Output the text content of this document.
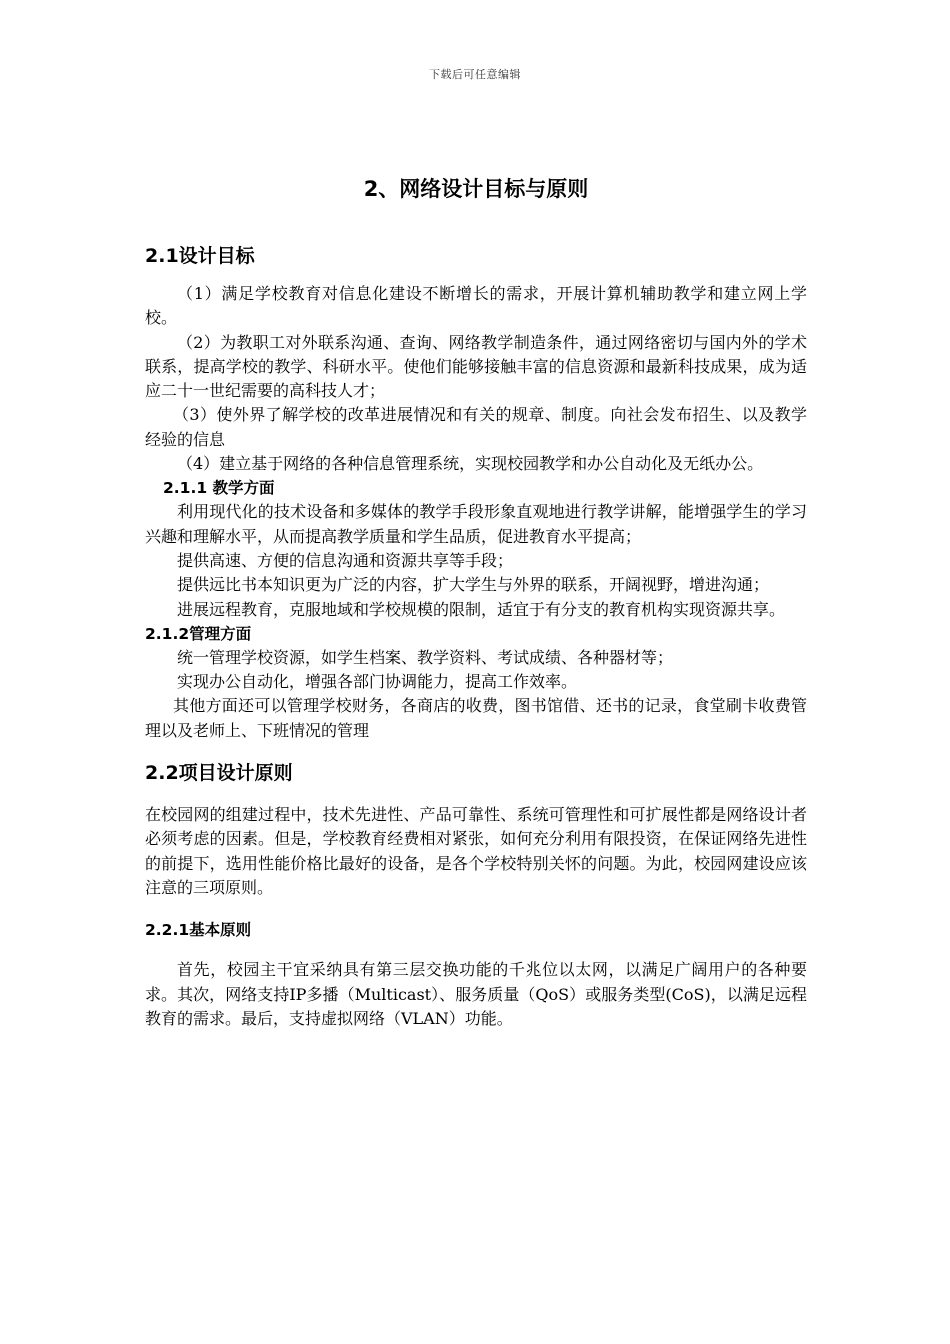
下载后可任意编辑
2、网络设计目标与原则
2.1设计目标

（1）满足学校教育对信息化建设不断增长的需求，开展计算机辅助教学和建立网上学校。

（2）为教职工对外联系沟通、查询、网络教学制造条件，通过网络密切与国内外的学术联系，提高学校的教学、科研水平。使他们能够接触丰富的信息资源和最新科技成果，成为适应二十一世纪需要的高科技人才；

（3）使外界了解学校的改革进展情况和有关的规章、制度。向社会发布招生、以及教学经验的信息

（4）建立基于网络的各种信息管理系统，实现校园教学和办公自动化及无纸办公。

2.1.1 教学方面

利用现代化的技术设备和多媒体的教学手段形象直观地进行教学讲解，能增强学生的学习兴趣和理解水平，从而提高教学质量和学生品质，促进教育水平提高；

提供高速、方便的信息沟通和资源共享等手段；

提供远比书本知识更为广泛的内容，扩大学生与外界的联系，开阔视野，增进沟通；

进展远程教育，克服地域和学校规模的限制，适宜于有分支的教育机构实现资源共享。

2.1.2管理方面

统一管理学校资源，如学生档案、教学资料、考试成绩、各种器材等；

实现办公自动化，增强各部门协调能力，提高工作效率。

其他方面还可以管理学校财务，各商店的收费，图书馆借、还书的记录，食堂刷卡收费管理以及老师上、下班情况的管理

2.2项目设计原则

在校园网的组建过程中，技术先进性、产品可靠性、系统可管理性和可扩展性都是网络设计者必须考虑的因素。但是，学校教育经费相对紧张，如何充分利用有限投资，在保证网络先进性的前提下，选用性能价格比最好的设备，是各个学校特别关怀的问题。为此，校园网建设应该注意的三项原则。

2.2.1基本原则

首先，校园主干宜采纳具有第三层交换功能的千兆位以太网，以满足广阔用户的各种要求。其次，网络支持IP多播（Multicast）、服务质量（QoS）或服务类型(CoS)，以满足远程教育的需求。最后，支持虚拟网络（VLAN）功能。
